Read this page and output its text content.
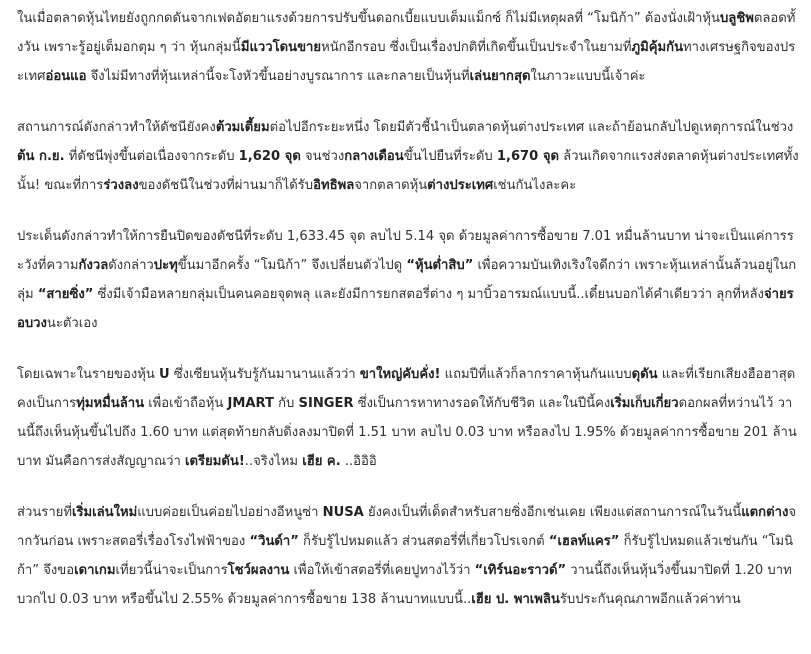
ในเมื่อตลาดหุ้นไทยยังถูกกดดันจากเฟดอัตยาแรงด้วยการปรับขึ้นดอกเบี้ยแบบเต็มแม็กซ์ ก็ไม่มีเหตุผลที่ “โมนิก้า” ต้องนั่งเฝ้าหุ้นบลูชิพตลอดทั้งวัน เพราะรู้อยู่เต็มอกตุม ๆ ว่า หุ้นกลุ่มนี้มีแววโดนขายหนักอีกรอบ ซึ่งเป็นเรื่องปกติที่เกิดขึ้นเป็นประจำในยามที่ภูมิคุ้มกันทางเศรษฐกิจของประเทศอ่อนแอ จึงไม่มีทางที่หุ้นเหล่านี้จะโงหัวขึ้นอย่างบูรณาการ และกลายเป็นหุ้นที่เล่นยากสุดในภาวะแบบนี้เจ้าค่ะ

สถานการณ์ดังกล่าวทำให้ดัชนียังคงต้วมเตี้ยมต่อไปอีกระยะหนึ่ง โดยมีตัวชี้นำเป็นตลาดหุ้นต่างประเทศ และถ้าย้อนกลับไปดูเหตุการณ์ในช่วงต้น ก.ย. ที่ดัชนีพุ่งขึ้นต่อเนื่องจากระดับ 1,620 จุด จนช่วงกลางเดือนขึ้นไปยืนที่ระดับ 1,670 จุด ล้วนเกิดจากแรงส่งตลาดหุ้นต่างประเทศทั้งนั้น! ขณะที่การร่วงลงของดัชนีในช่วงที่ผ่านมาก็ได้รับอิทธิพลจากตลาดหุ้นต่างประเทศเช่นกันไงละคะ

ประเด็นดังกล่าวทำให้การยืนปิดของดัชนีที่ระดับ 1,633.45 จุด ลบไป 5.14 จุด ด้วยมูลค่าการซื้อขาย 7.01 หมื่นล้านบาท น่าจะเป็นแค่การระวังที่ความกังวลดังกล่าวปะทุขึ้นมาอีกครั้ง “โมนิก้า” จึงเปลี่ยนตัวไปดู “หุ้นต่ำสิบ” เพื่อความบันเทิงเริงใจดีกว่า เพราะหุ้นเหล่านั้นล้วนอยู่ในกลุ่ม “สายซิ่ง” ซึ่งมีเจ้ามือหลายกลุ่มเป็นคนคอยจุดพลุ และยังมีการยกสตอรี่ต่าง ๆ มาบิ้วอารมณ์แบบนี้..เดี๋ยนบอกได้คำเดียวว่า ลุกที่หลังจ่ายรอบวงนะตัวเอง

โดยเฉพาะในรายของหุ้น U ซึ่งเซียนหุ้นรับรู้กันมานานแล้วว่า ขาใหญ่คับคั่ง! แถมปีที่แล้วก็ลากราคาหุ้นกันแบบดุดัน และที่เรียกเสียงฮือฮาสุดคงเป็นการทุ่มหมื่นล้าน เพื่อเข้าถือหุ้น JMART กับ SINGER ซึ่งเป็นการหาทางรอดให้กับชีวิต และในปีนี้คงเริ่มเก็บเกี่ยวดอกผลที่หว่านไว้ วานนี้ถึงเห็นหุ้นขึ้นไปถึง 1.60 บาท แต่สุดท้ายกลับดิ่งลงมาปิดที่ 1.51 บาท ลบไป 0.03 บาท หรือลงไป 1.95% ด้วยมูลค่าการซื้อขาย 201 ล้านบาท มันคือการส่งสัญญาณว่า เตรียมดัน!..จริงไหม เฮีย ค. ..อิอิอิ

ส่วนรายที่เริ่มเล่นใหม่แบบค่อยเป็นค่อยไปอย่างอีหนูซ่า NUSA ยังคงเป็นที่เด็ดสำหรับสายซิ่งอีกเช่นเคย เพียงแต่สถานการณ์ในวันนี้แตกต่างจากวันก่อน เพราะสตอรี่เรื่องโรงไฟฟ้าของ “วินด์า” ก็รับรู้ไปหมดแล้ว ส่วนสตอรี่ที่เกี่ยวโปรเจกต์ “เฮลท์แคร” ก็รับรู้ไปหมดแล้วเช่นกัน “โมนิก้า” จึงขอเดาเกมเที่ยวนี้น่าจะเป็นการโชว์ผลงาน เพื่อให้เข้าสตอรี่ที่เคยปูทางไว้ว่า “เทิร์นอะราวด์” วานนี้ถึงเห็นหุ้นวิ่งขึ้นมาปิดที่ 1.20 บาท บวกไป 0.03 บาท หรือขึ้นไป 2.55% ด้วยมูลค่าการซื้อขาย 138 ล้านบาทแบบนี้..เฮีย ป. พาเพลินรับประกันคุณภาพอีกแล้วค่าท่าน
